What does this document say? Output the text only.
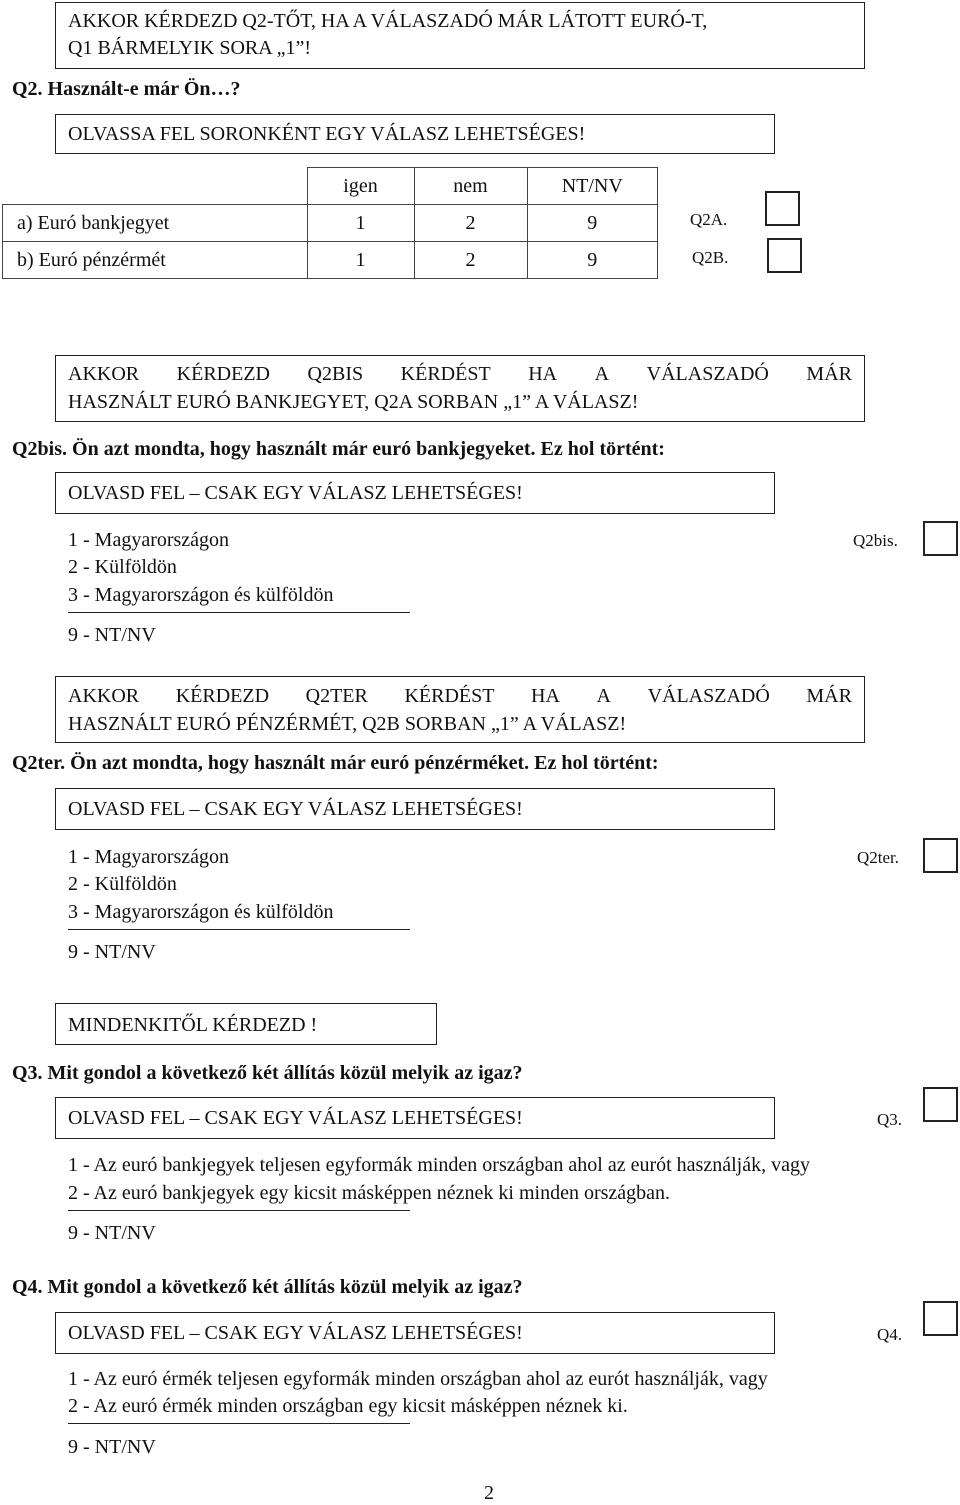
AKKOR KÉRDEZD Q2-TŐT, HA A VÁLASZADÓ MÁR LÁTOTT EURÓ-T,
Q1 BÁRMELYIK SORA „1”!
Q2. Használt-e már Ön…?
OLVASSA FEL SORONKÉNT EGY VÁLASZ LEHETSÉGES!
	igen	nem	NT/NV
a) Euró bankjegyet	1	2	9
b) Euró pénzérmét	1	2	9
Q2A.
Q2B.
AKKOR KÉRDEZD Q2BIS KÉRDÉST HA A VÁLASZADÓ MÁR
HASZNÁLT EURÓ BANKJEGYET, Q2A SORBAN „1” A VÁLASZ!
Q2bis. Ön azt mondta, hogy használt már euró bankjegyeket. Ez hol történt:
OLVASD FEL – CSAK EGY VÁLASZ LEHETSÉGES!
1 - Magyarországon
2 - Külföldön
3 - Magyarországon és külföldön
9 - NT/NV
Q2bis.
AKKOR KÉRDEZD Q2TER KÉRDÉST HA A VÁLASZADÓ MÁR
HASZNÁLT EURÓ PÉNZÉRMÉT, Q2B SORBAN „1” A VÁLASZ!
Q2ter. Ön azt mondta, hogy használt már euró pénzérméket. Ez hol történt:
OLVASD FEL – CSAK EGY VÁLASZ LEHETSÉGES!
1 - Magyarországon
2 - Külföldön
3 - Magyarországon és külföldön
9 - NT/NV
Q2ter.
MINDENKITŐL KÉRDEZD !
Q3. Mit gondol a következő két állítás közül melyik az igaz?
OLVASD FEL – CSAK EGY VÁLASZ LEHETSÉGES!	Q3.
1 - Az euró bankjegyek teljesen egyformák minden országban ahol az eurót használják, vagy
2 - Az euró bankjegyek egy kicsit másképpen néznek ki minden országban.
9 - NT/NV
Q4. Mit gondol a következő két állítás közül melyik az igaz?
OLVASD FEL – CSAK EGY VÁLASZ LEHETSÉGES!	Q4.
1 - Az euró érmék teljesen egyformák minden országban ahol az eurót használják, vagy
2 - Az euró érmék minden országban egy kicsit másképpen néznek ki.
9 - NT/NV
2
